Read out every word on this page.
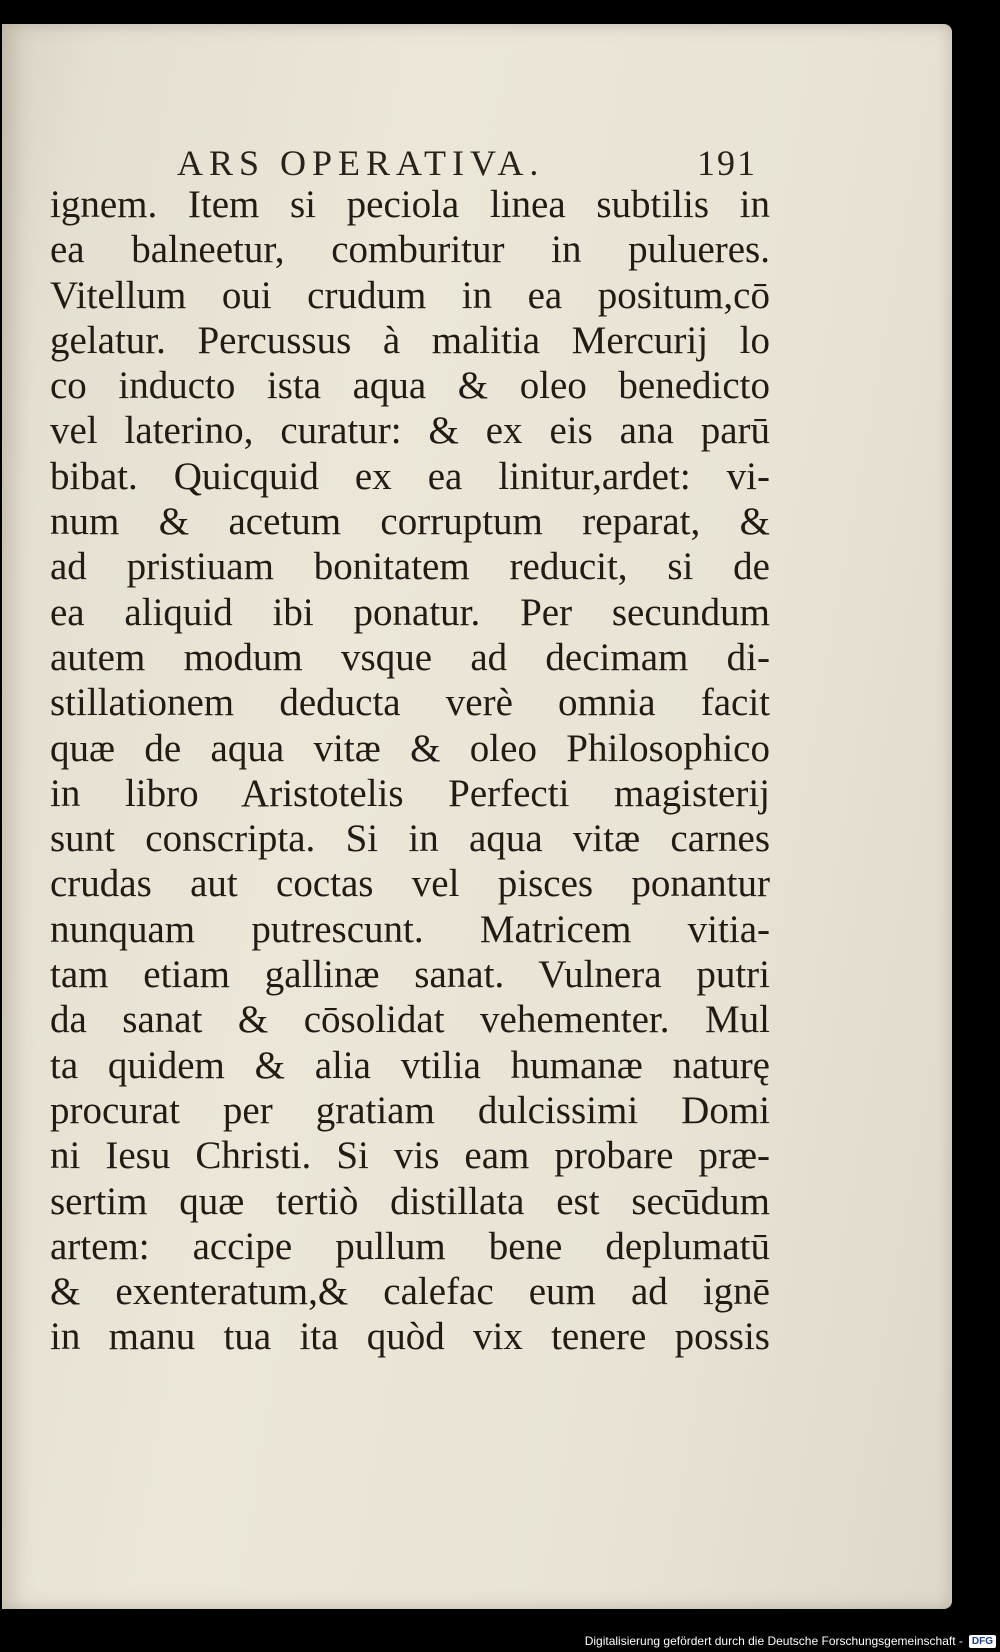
ARS OPERATIVA.	191
ignem. Item si peciola linea subtilis in
ea balneetur, comburitur in pulueres.
Vitellum oui crudum in ea positum,cō
gelatur. Percussus à malitia Mercurij lo
co inducto ista aqua & oleo benedicto
vel laterino, curatur: & ex eis ana parū
bibat. Quicquid ex ea linitur,ardet: vi-
num & acetum corruptum reparat, &
ad pristiuam bonitatem reducit, si de
ea aliquid ibi ponatur. Per secundum
autem modum vsque ad decimam di-
stillationem deducta verè omnia facit
quæ de aqua vitæ & oleo Philosophico
in libro Aristotelis Perfecti magisterij
sunt conscripta. Si in aqua vitæ carnes
crudas aut coctas vel pisces ponantur
nunquam putrescunt. Matricem vitia-
tam etiam gallinæ sanat. Vulnera putri
da sanat & cōsolidat vehementer. Mul
ta quidem & alia vtilia humanæ naturę
procurat per gratiam dulcissimi Domi
ni Iesu Christi. Si vis eam probare præ-
sertim quæ tertiò distillata est secūdum
artem: accipe pullum bene deplumatū
& exenteratum,& calefac eum ad ignē
in manu tua ita quòd vix tenere possis
Digitalisierung gefördert durch die Deutsche Forschungsgemeinschaft - DFG
